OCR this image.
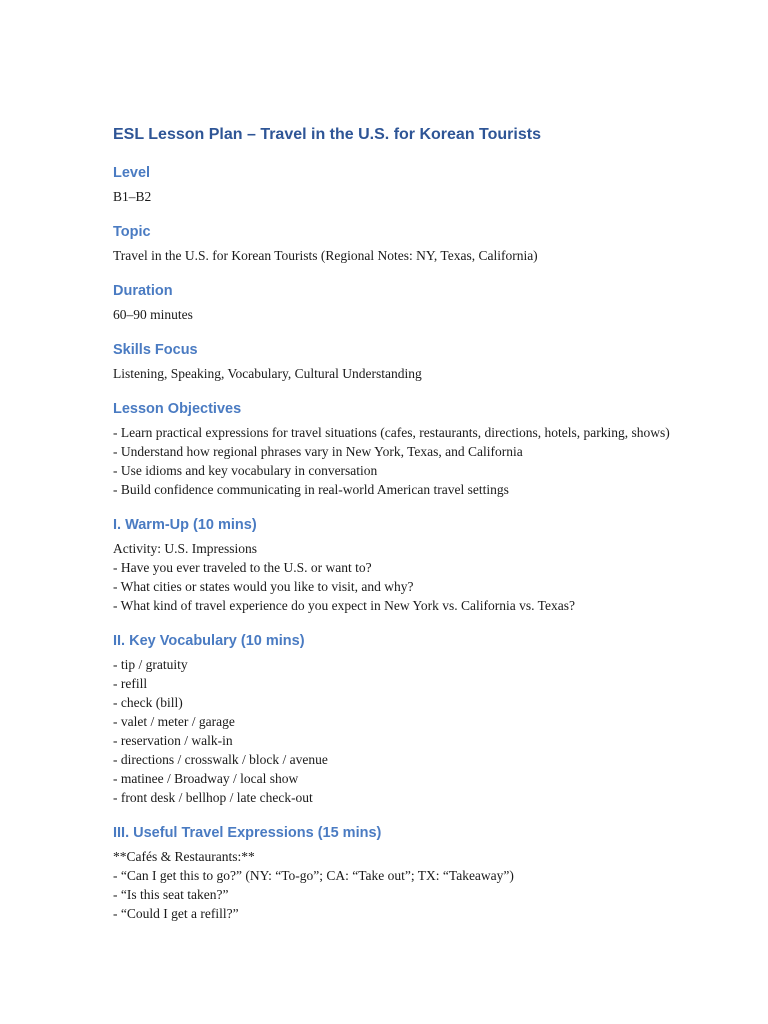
ESL Lesson Plan – Travel in the U.S. for Korean Tourists
Level

B1–B2

Topic

Travel in the U.S. for Korean Tourists (Regional Notes: NY, Texas, California)

Duration

60–90 minutes

Skills Focus

Listening, Speaking, Vocabulary, Cultural Understanding

Lesson Objectives

- Learn practical expressions for travel situations (cafes, restaurants, directions, hotels, parking, shows)

- Understand how regional phrases vary in New York, Texas, and California

- Use idioms and key vocabulary in conversation

- Build confidence communicating in real-world American travel settings

I. Warm-Up (10 mins)

Activity: U.S. Impressions

- Have you ever traveled to the U.S. or want to?

- What cities or states would you like to visit, and why?

- What kind of travel experience do you expect in New York vs. California vs. Texas?

II. Key Vocabulary (10 mins)

- tip / gratuity

- refill

- check (bill)

- valet / meter / garage

- reservation / walk-in

- directions / crosswalk / block / avenue

- matinee / Broadway / local show

- front desk / bellhop / late check-out

III. Useful Travel Expressions (15 mins)

**Cafés & Restaurants:**

- “Can I get this to go?” (NY: “To-go”; CA: “Take out”; TX: “Takeaway”)

- “Is this seat taken?”

- “Could I get a refill?”
